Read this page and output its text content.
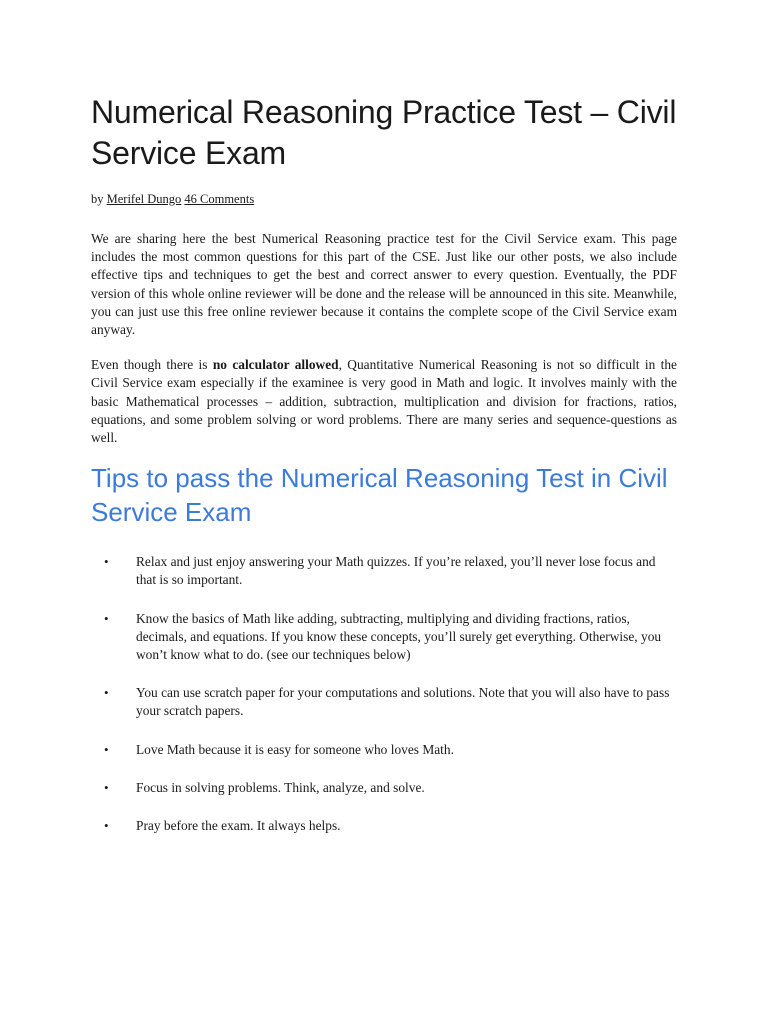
Numerical Reasoning Practice Test – Civil Service Exam
by Merifel Dungo 46 Comments

We are sharing here the best Numerical Reasoning practice test for the Civil Service exam. This page includes the most common questions for this part of the CSE. Just like our other posts, we also include effective tips and techniques to get the best and correct answer to every question. Eventually, the PDF version of this whole online reviewer will be done and the release will be announced in this site. Meanwhile, you can just use this free online reviewer because it contains the complete scope of the Civil Service exam anyway.

Even though there is no calculator allowed, Quantitative Numerical Reasoning is not so difficult in the Civil Service exam especially if the examinee is very good in Math and logic. It involves mainly with the basic Mathematical processes – addition, subtraction, multiplication and division for fractions, ratios, equations, and some problem solving or word problems. There are many series and sequence-questions as well.

Tips to pass the Numerical Reasoning Test in Civil Service Exam
•	Relax and just enjoy answering your Math quizzes. If you’re relaxed, you’ll never lose focus and that is so important.
•	Know the basics of Math like adding, subtracting, multiplying and dividing fractions, ratios, decimals, and equations. If you know these concepts, you’ll surely get everything. Otherwise, you won’t know what to do. (see our techniques below)
•	You can use scratch paper for your computations and solutions. Note that you will also have to pass your scratch papers.
•	Love Math because it is easy for someone who loves Math.
•	Focus in solving problems. Think, analyze, and solve.
•	Pray before the exam. It always helps.
